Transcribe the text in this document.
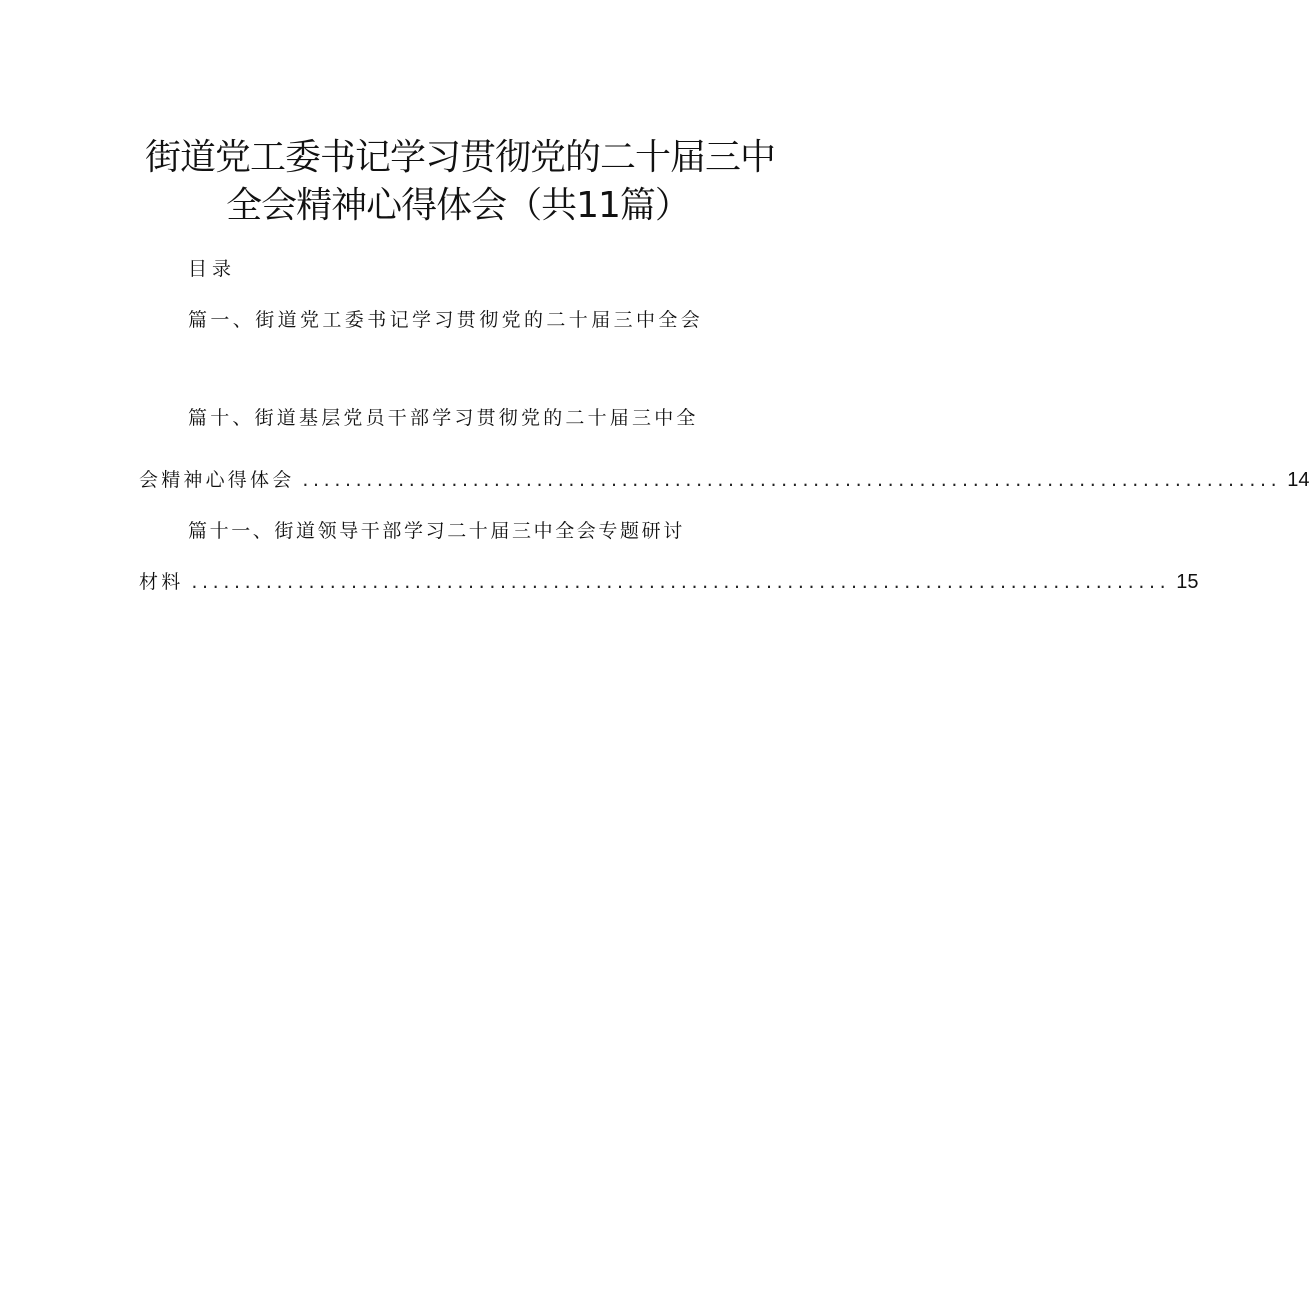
街道党工委书记学习贯彻党的二十届三中
全会精神心得体会（共11篇）
目录
篇一、街道党工委书记学习贯彻党的二十届三中全会
篇十、街道基层党员干部学习贯彻党的二十届三中全
会精神心得体会 ............................................................................................ 14
篇十一、街道领导干部学习二十届三中全会专题研讨
材料 ............................................................................................ 15
